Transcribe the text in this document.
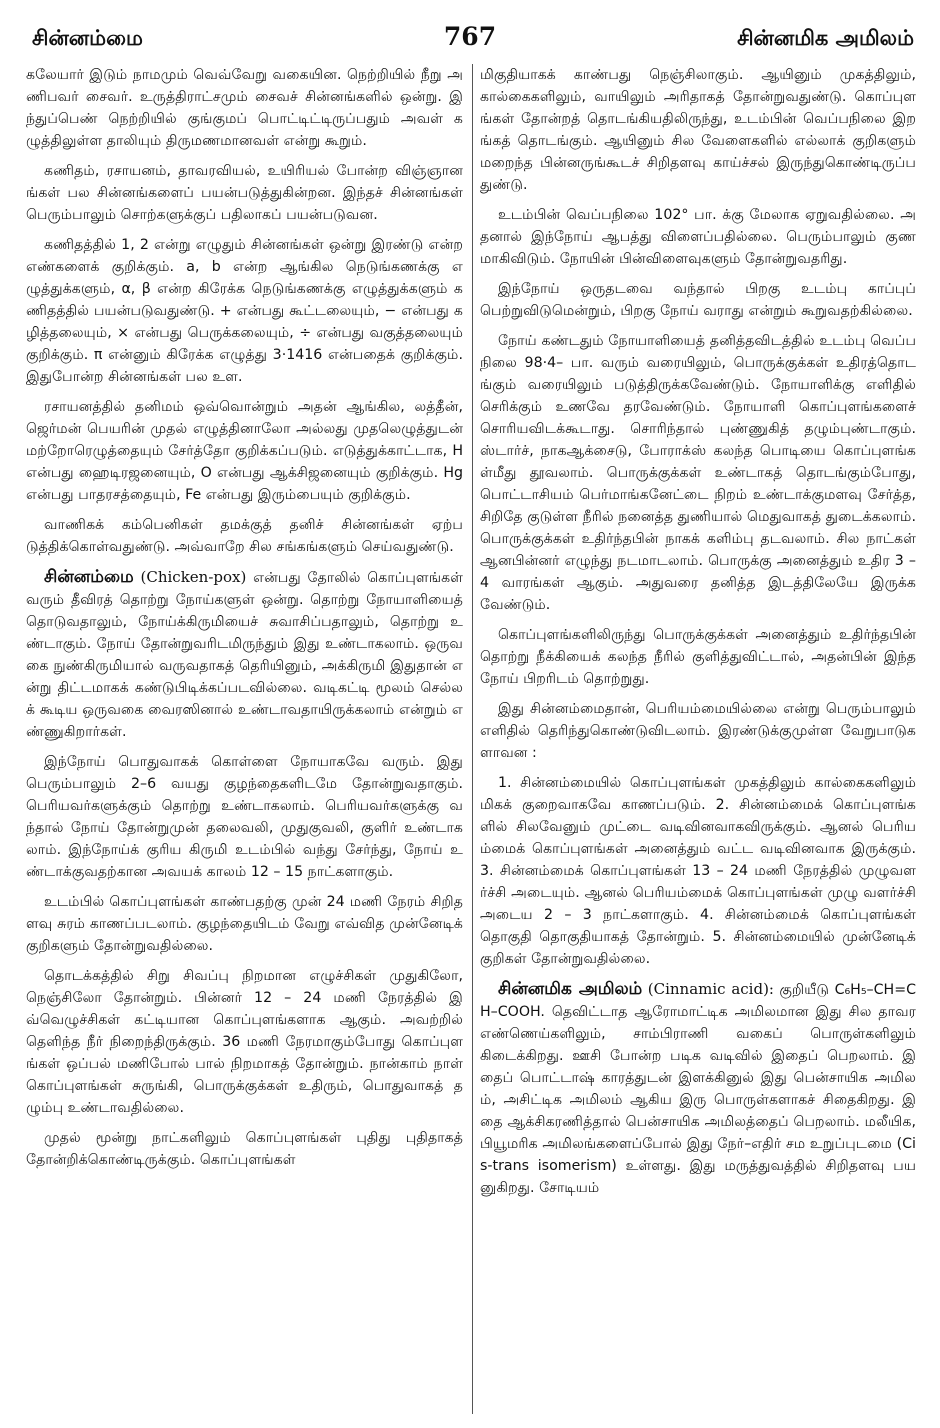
சின்னம்மை	767	சின்னமிக அமிலம்

கலேயார் இடும் நாமமும் வெவ்வேறு வகையின. நெற்றியில் நீறு அணிபவர் சைவர். உருத்திராட்சமும் சைவச் சின்னங்களில் ஒன்று. இந்துப்பெண் நெற்றியில் குங்குமப் பொட்டிட்டிருப்பதும் அவள் கழுத்திலுள்ள தாலியும் திருமணமானவள் என்று கூறும்.

கணிதம், ரசாயனம், தாவரவியல், உயிரியல் போன்ற விஞ்ஞானங்கள் பல சின்னங்களைப் பயன்படுத்துகின்றன. இந்தச் சின்னங்கள் பெரும்பாலும் சொற்களுக்குப் பதிலாகப் பயன்படுவன.

கணிதத்தில் 1, 2 என்று எழுதும் சின்னங்கள் ஒன்று இரண்டு என்ற எண்களைக் குறிக்கும். a, b என்ற ஆங்கில நெடுங்கணக்கு எழுத்துக்களும், α, β என்ற கிரேக்க நெடுங்கணக்கு எழுத்துக்களும் கணிதத்தில் பயன்படுவதுண்டு. + என்பது கூட்டலையும், − என்பது கழித்தலையும், × என்பது பெருக்கலையும், ÷ என்பது வகுத்தலையும் குறிக்கும். π என்னும் கிரேக்க எழுத்து 3·1416 என்பதைக் குறிக்கும். இதுபோன்ற சின்னங்கள் பல உள.

ரசாயனத்தில் தனிமம் ஒவ்வொன்றும் அதன் ஆங்கில, லத்தீன், ஜெர்மன் பெயரின் முதல் எழுத்தினாலோ அல்லது முதலெழுத்துடன் மற்றோரெழுத்தையும் சேர்த்தோ குறிக்கப்படும். எடுத்துக்காட்டாக, H என்பது ஹைடிரஜனையும், O என்பது ஆக்சிஜனையும் குறிக்கும். Hg என்பது பாதரசத்தையும், Fe என்பது இரும்பையும் குறிக்கும்.

வாணிகக் கம்பெனிகள் தமக்குத் தனிச் சின்னங்கள் ஏற்படுத்திக்கொள்வதுண்டு. அவ்வாறே சில சங்கங்களும் செய்வதுண்டு.

சின்னம்மை (Chicken-pox) என்பது தோலில் கொப்புளங்கள் வரும் தீவிரத் தொற்று நோய்களுள் ஒன்று. தொற்று நோயாளியைத் தொடுவதாலும், நோய்க்கிருமியைச் சுவாசிப்பதாலும், தொற்று உண்டாகும். நோய் தோன்றுவரிடமிருந்தும் இது உண்டாகலாம். ஒருவகை நுண்கிருமியால் வருவதாகத் தெரியினும், அக்கிருமி இதுதான் என்று திட்டமாகக் கண்டுபிடிக்கப்படவில்லை. வடிகட்டி மூலம் செல்லக் கூடிய ஒருவகை வைரஸினால் உண்டாவதாயிருக்கலாம் என்றும் எண்ணுகிறார்கள்.

இந்நோய் பொதுவாகக் கொள்ளை நோயாகவே வரும். இது பெரும்பாலும் 2–6 வயது குழந்தைகளிடமே தோன்றுவதாகும். பெரியவர்களுக்கும் தொற்று உண்டாகலாம். பெரியவர்களுக்கு வந்தால் நோய் தோன்றுமுன் தலைவலி, முதுகுவலி, குளிர் உண்டாகலாம். இந்நோய்க் குரிய கிருமி உடம்பில் வந்து சேர்ந்து, நோய் உண்டாக்குவதற்கான அவயக் காலம் 12 – 15 நாட்களாகும்.

உடம்பில் கொப்புளங்கள் காண்பதற்கு முன் 24 மணி நேரம் சிறிதளவு சுரம் காணப்படலாம். குழந்தையிடம் வேறு எவ்வித முன்னேடிக் குறிகளும் தோன்றுவதில்லை.

தொடக்கத்தில் சிறு சிவப்பு நிறமான எழுச்சிகள் முதுகிலோ, நெஞ்சிலோ தோன்றும். பின்னர் 12 – 24 மணி நேரத்தில் இவ்வெழுச்சிகள் கட்டியான கொப்புளங்களாக ஆகும். அவற்றில் தெளிந்த நீர் நிறைந்திருக்கும். 36 மணி நேரமாகும்போது கொப்புளங்கள் ஒப்பல் மணிபோல் பால் நிறமாகத் தோன்றும். நான்காம் நாள் கொப்புளங்கள் சுருங்கி, பொருக்குக்கள் உதிரும், பொதுவாகத் தழும்பு உண்டாவதில்லை.

முதல் மூன்று நாட்களிலும் கொப்புளங்கள் புதிது புதிதாகத் தோன்றிக்கொண்டிருக்கும். கொப்புளங்கள்

மிகுதியாகக் காண்பது நெஞ்சிலாகும். ஆயினும் முகத்திலும், கால்கைகளிலும், வாயிலும் அரிதாகத் தோன்றுவதுண்டு. கொப்புளங்கள் தோன்றத் தொடங்கியதிலிருந்து, உடம்பின் வெப்பநிலை இறங்கத் தொடங்கும். ஆயினும் சில வேளைகளில் எல்லாக் குறிகளும் மறைந்த பின்னருங்கூடச் சிறிதளவு காய்ச்சல் இருந்துகொண்டிருப்பதுண்டு.

உடம்பின் வெப்பநிலை 102° பா. க்கு மேலாக ஏறுவதில்லை. அதனால் இந்நோய் ஆபத்து விளைப்பதில்லை. பெரும்பாலும் குணமாகிவிடும். நோயின் பின்விளைவுகளும் தோன்றுவதரிது.

இந்நோய் ஒருதடவை வந்தால் பிறகு உடம்பு காப்புப் பெற்றுவிடுமென்றும், பிறகு நோய் வராது என்றும் கூறுவதற்கில்லை.

நோய் கண்டதும் நோயாளியைத் தனித்தவிடத்தில் உடம்பு வெப்பநிலை 98·4– பா. வரும் வரையிலும், பொருக்குக்கள் உதிரத்தொடங்கும் வரையிலும் படுத்திருக்கவேண்டும். நோயாளிக்கு எளிதில் செரிக்கும் உணவே தரவேண்டும். நோயாளி கொப்புளங்களைச் சொரியவிடக்கூடாது. சொரிந்தால் புண்ணுகித் தழும்புண்டாகும். ஸ்டார்ச், நாகஆக்சைடு, போராக்ஸ் கலந்த பொடியை கொப்புளங்கள்மீது தூவலாம். பொருக்குக்கள் உண்டாகத் தொடங்கும்போது, பொட்டாசியம் பெர்மாங்கனேட்டை நிறம் உண்டாக்குமளவு சேர்த்த, சிறிதே குடுள்ள நீரில் நனைத்த துணியால் மெதுவாகத் துடைக்கலாம். பொருக்குக்கள் உதிர்ந்தபின் நாகக் களிம்பு தடவலாம். சில நாட்கள் ஆனபின்னர் எழுந்து நடமாடலாம். பொருக்கு அனைத்தும் உதிர 3 – 4 வாரங்கள் ஆகும். அதுவரை தனித்த இடத்திலேயே இருக்கவேண்டும்.

கொப்புளங்களிலிருந்து பொருக்குக்கள் அனைத்தும் உதிர்ந்தபின் தொற்று நீக்கியைக் கலந்த நீரில் குளித்துவிட்டால், அதன்பின் இந்த நோய் பிறரிடம் தொற்றுது.

இது சின்னம்மைதான், பெரியம்மையில்லை என்று பெரும்பாலும் எளிதில் தெரிந்துகொண்டுவிடலாம். இரண்டுக்குமுள்ள வேறுபாடுகளாவன :

1. சின்னம்மையில் கொப்புளங்கள் முகத்திலும் கால்கைகளிலும் மிகக் குறைவாகவே காணப்படும். 2. சின்னம்மைக் கொப்புளங்களில் சிலவேனும் முட்டை வடிவினவாகவிருக்கும். ஆனல் பெரியம்மைக் கொப்புளங்கள் அனைத்தும் வட்ட வடிவினவாக இருக்கும். 3. சின்னம்மைக் கொப்புளங்கள் 13 – 24 மணி நேரத்தில் முழுவளர்ச்சி அடையும். ஆனல் பெரியம்மைக் கொப்புளங்கள் முழு வளர்ச்சி அடைய 2 – 3 நாட்களாகும். 4. சின்னம்மைக் கொப்புளங்கள் தொகுதி தொகுதியாகத் தோன்றும். 5. சின்னம்மையில் முன்னேடிக் குறிகள் தோன்றுவதில்லை.

சின்னமிக அமிலம் (Cinnamic acid): குறியீடு C₆H₅–CH=CH–COOH. தெவிட்டாத ஆரோமாட்டிக அமிலமான இது சில தாவர எண்ணெய்களிலும், சாம்பிராணி வகைப் பொருள்களிலும் கிடைக்கிறது. ஊசி போன்ற படிக வடிவில் இதைப் பெறலாம். இதைப் பொட்டாஷ் காரத்துடன் இளக்கினுல் இது பென்சாயிக அமிலம், அசிட்டிக அமிலம் ஆகிய இரு பொருள்களாகச் சிதைகிறது. இதை ஆக்சிகரணித்தால் பென்சாயிக அமிலத்தைப் பெறலாம். மலீயிக, பியூமரிக அமிலங்களைப்போல் இது நேர்–எதிர் சம உறுப்புடமை (Cis-trans isomerism) உள்ளது. இது மருத்துவத்தில் சிறிதளவு பயனுகிறது. சோடியம்
